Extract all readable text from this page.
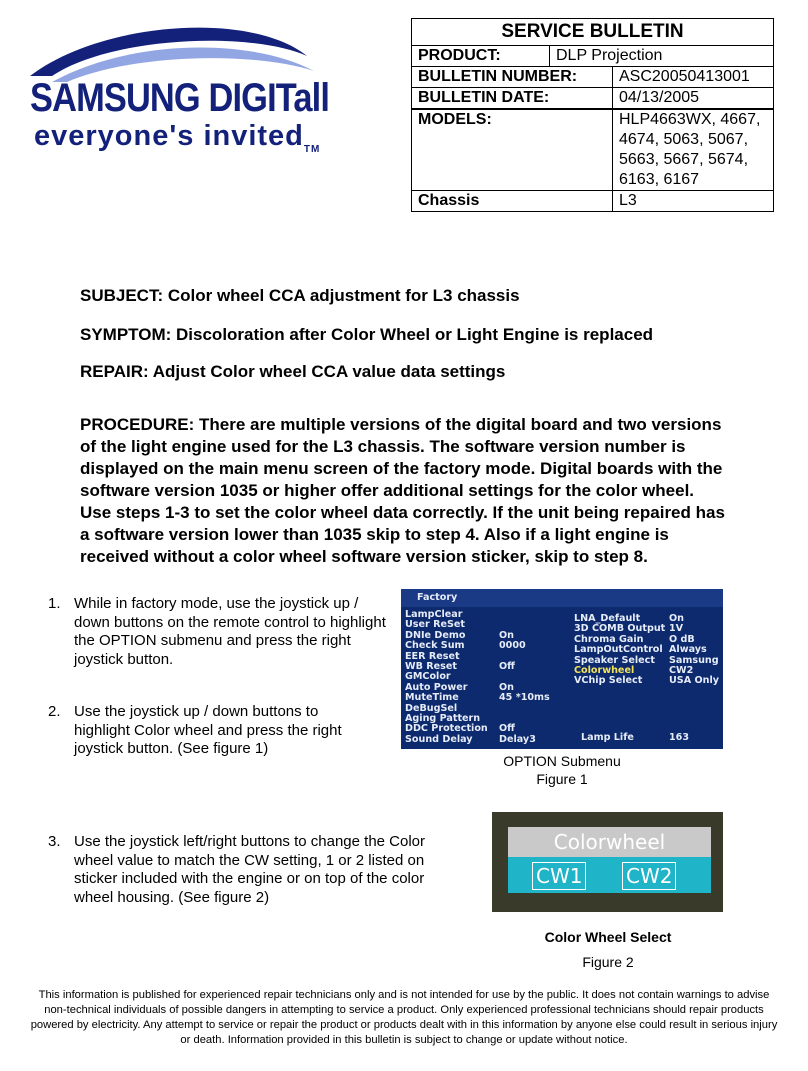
SAMSUNG DIGITall
everyone's invited$_{TM}$
SERVICE BULLETIN		
PRODUCT:	DLP Projection	
BULLETIN NUMBER:		ASC20050413001
BULLETIN DATE:		04/13/2005
MODELS:		HLP4663WX, 4667, 4674, 5063, 5067, 5663, 5667, 5674, 6163, 6167
Chassis		L3
SUBJECT: Color wheel CCA adjustment for L3 chassis
SYMPTOM: Discoloration after Color Wheel or Light Engine is replaced
REPAIR: Adjust Color wheel CCA value data settings
PROCEDURE: There are multiple versions of the digital board and two versions of the light engine used for the L3 chassis. The software version number is displayed on the main menu screen of the factory mode. Digital boards with the software version 1035 or higher offer additional settings for the color wheel. Use steps 1-3 to set the color wheel data correctly. If the unit being repaired has a software version lower than 1035 skip to step 4. Also if a light engine is received without a color wheel software version sticker, skip to step 8.
1. While in factory mode, use the joystick up / down buttons on the remote control to highlight the OPTION submenu and press the right joystick button.
2. Use the joystick up / down buttons to highlight Color wheel and press the right joystick button. (See figure 1)
3. Use the joystick left/right buttons to change the Color wheel value to match the CW setting, 1 or 2 listed on sticker included with the engine or on top of the color wheel housing. (See figure 2)
Factory
LampClear
User ReSet
DNIe Demo	On
Check Sum	0000
EER Reset
WB Reset	Off
GMColor
Auto Power	On
MuteTime	45 *10ms
DeBugSel
Aging Pattern
DDC Protection Off
Sound Delay	Delay3
LNA_Default	On
3D COMB Output 1V
Chroma Gain	O dB
LampOutControl Always
Speaker Select Samsung
Colorwheel	CW2
VChip Select	USA Only
Lamp Life	163
OPTION Submenu
Figure 1
Colorwheel
CW1 CW2
Color Wheel Select
Figure 2
This information is published for experienced repair technicians only and is not intended for use by the public. It does not contain warnings to advise non-technical individuals of possible dangers in attempting to service a product. Only experienced professional technicians should repair products powered by electricity. Any attempt to service or repair the product or products dealt with in this information by anyone else could result in serious injury or death. Information provided in this bulletin is subject to change or update without notice.
